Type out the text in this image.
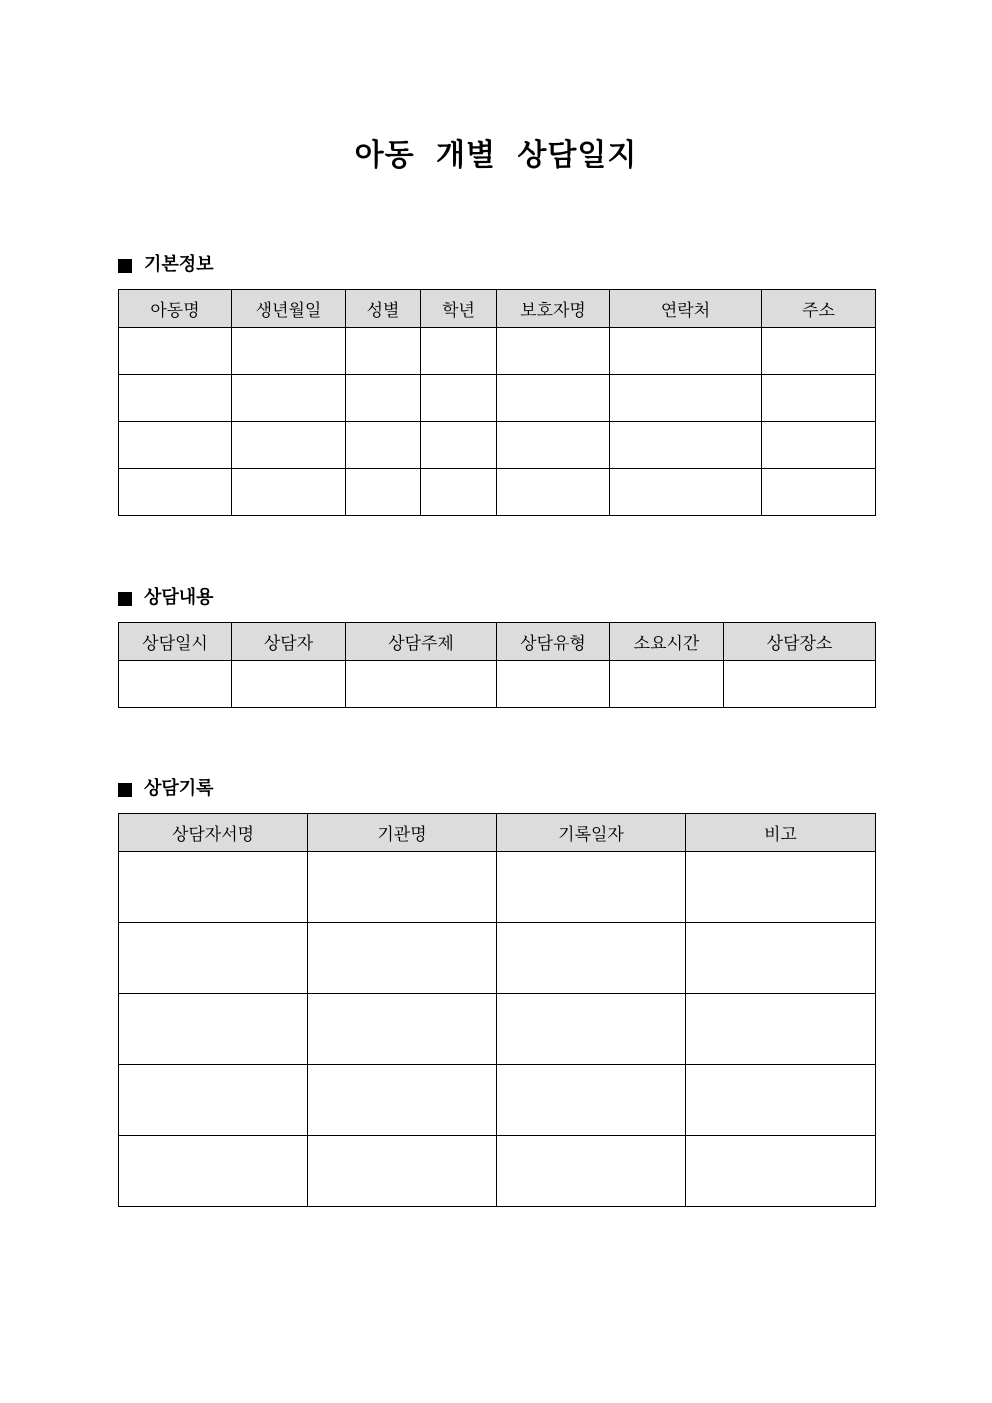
아동 개별 상담일지
기본정보
아동명	생년월일	성별	학년	보호자명	연락처	주소

상담내용
상담일시	상담자	상담주제	상담유형	소요시간	상담장소

상담기록
상담자서명	기관명	기록일자	비고
